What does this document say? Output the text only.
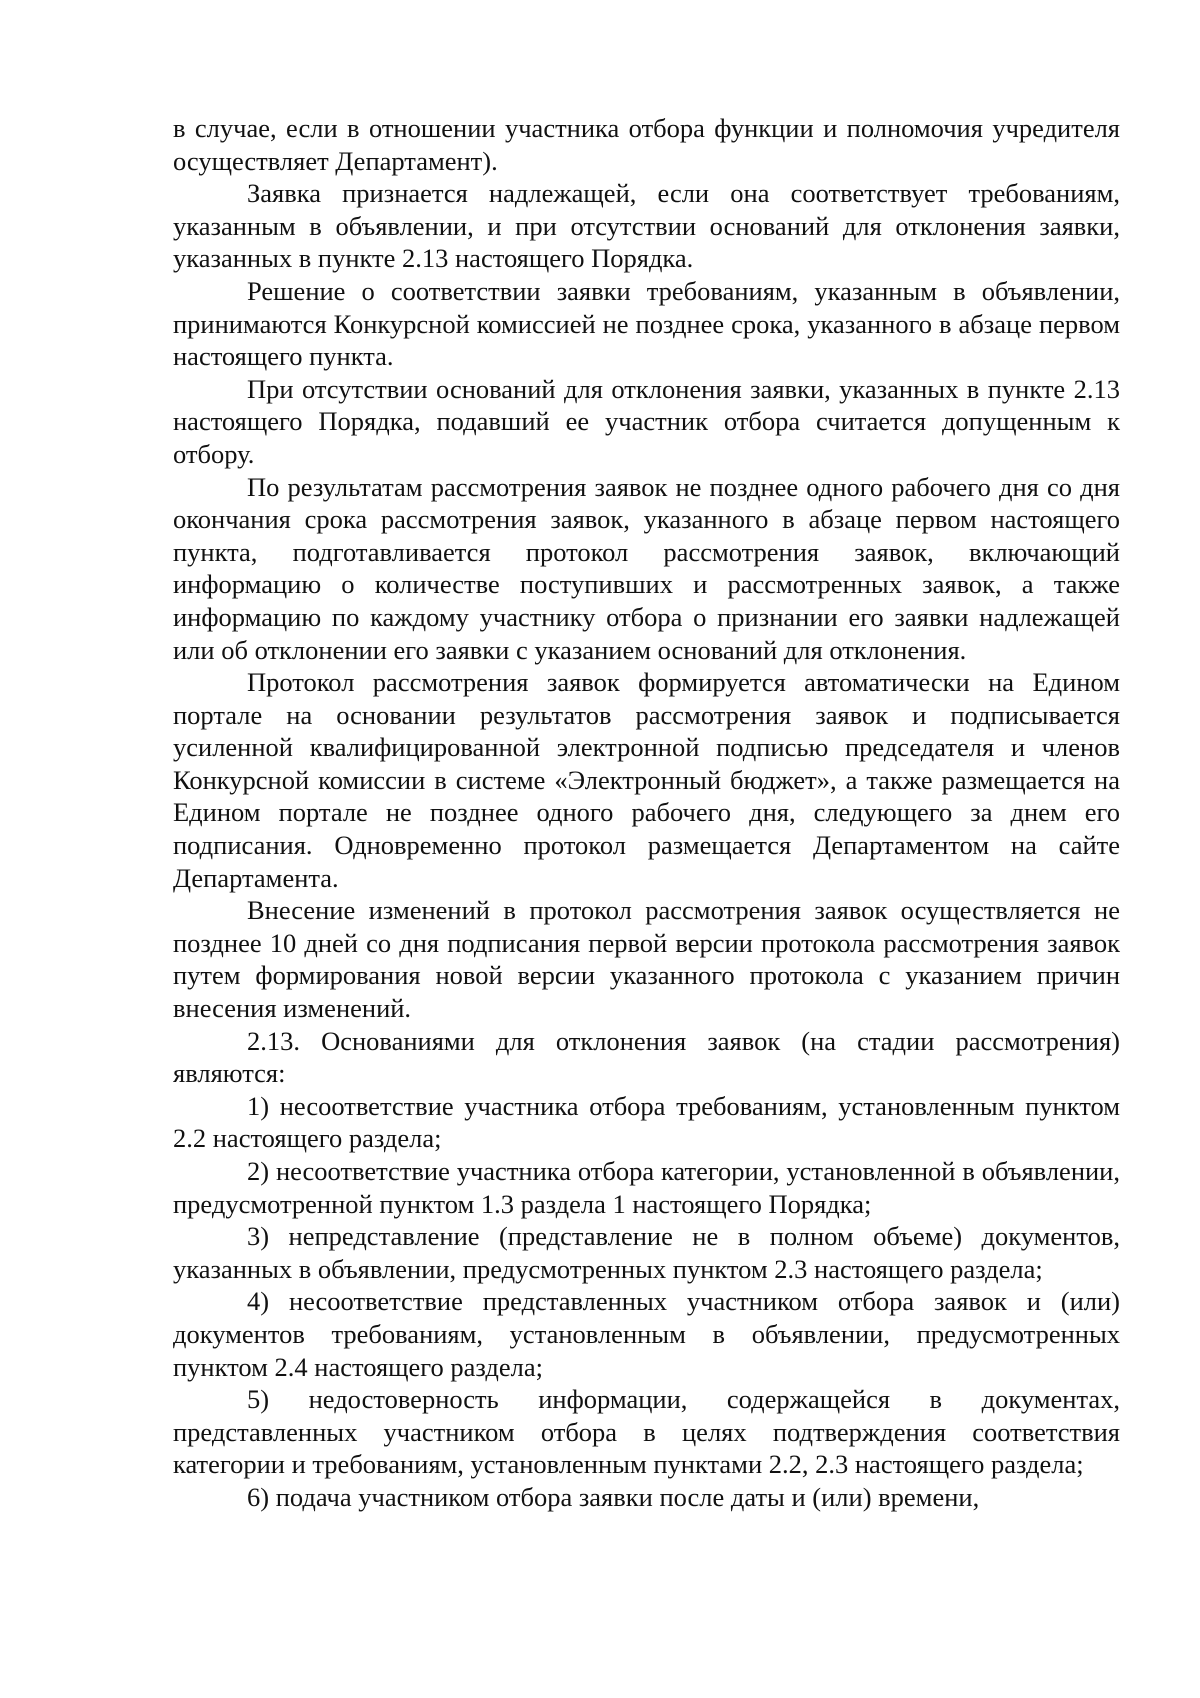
в случае, если в отношении участника отбора функции и полномочия учредителя осуществляет Департамент).

Заявка признается надлежащей, если она соответствует требованиям, указанным в объявлении, и при отсутствии оснований для отклонения заявки, указанных в пункте 2.13 настоящего Порядка.

Решение о соответствии заявки требованиям, указанным в объявлении, принимаются Конкурсной комиссией не позднее срока, указанного в абзаце первом настоящего пункта.

При отсутствии оснований для отклонения заявки, указанных в пункте 2.13 настоящего Порядка, подавший ее участник отбора считается допущенным к отбору.

По результатам рассмотрения заявок не позднее одного рабочего дня со дня окончания срока рассмотрения заявок, указанного в абзаце первом настоящего пункта, подготавливается протокол рассмотрения заявок, включающий информацию о количестве поступивших и рассмотренных заявок, а также информацию по каждому участнику отбора о признании его заявки надлежащей или об отклонении его заявки с указанием оснований для отклонения.

Протокол рассмотрения заявок формируется автоматически на Едином портале на основании результатов рассмотрения заявок и подписывается усиленной квалифицированной электронной подписью председателя и членов Конкурсной комиссии в системе «Электронный бюджет», а также размещается на Едином портале не позднее одного рабочего дня, следующего за днем его подписания. Одновременно протокол размещается Департаментом на сайте Департамента.

Внесение изменений в протокол рассмотрения заявок осуществляется не позднее 10 дней со дня подписания первой версии протокола рассмотрения заявок путем формирования новой версии указанного протокола с указанием причин внесения изменений.

2.13. Основаниями для отклонения заявок (на стадии рассмотрения) являются:

1) несоответствие участника отбора требованиям, установленным пунктом 2.2 настоящего раздела;

2) несоответствие участника отбора категории, установленной в объявлении, предусмотренной пунктом 1.3 раздела 1 настоящего Порядка;

3) непредставление (представление не в полном объеме) документов, указанных в объявлении, предусмотренных пунктом 2.3 настоящего раздела;

4) несоответствие представленных участником отбора заявок и (или) документов требованиям, установленным в объявлении, предусмотренных пунктом 2.4 настоящего раздела;

5) недостоверность информации, содержащейся в документах, представленных участником отбора в целях подтверждения соответствия категории и требованиям, установленным пунктами 2.2, 2.3 настоящего раздела;

6) подача участником отбора заявки после даты и (или) времени,
